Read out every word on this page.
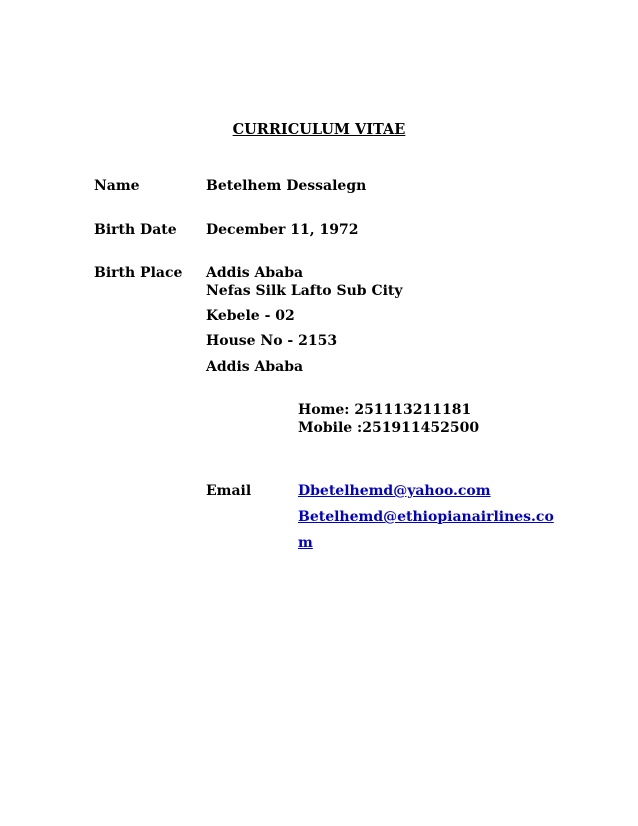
CURRICULUM VITAE
Name	Betelhem Dessalegn
Birth Date December 11, 1972
Birth Place Addis Ababa
Nefas Silk Lafto Sub City
Kebele - 02
House No - 2153
Addis Ababa
Home: 251113211181
Mobile :251911452500
Email	Dbetelhemd@yahoo.com
Betelhemd@ethiopianairlines.co
m
